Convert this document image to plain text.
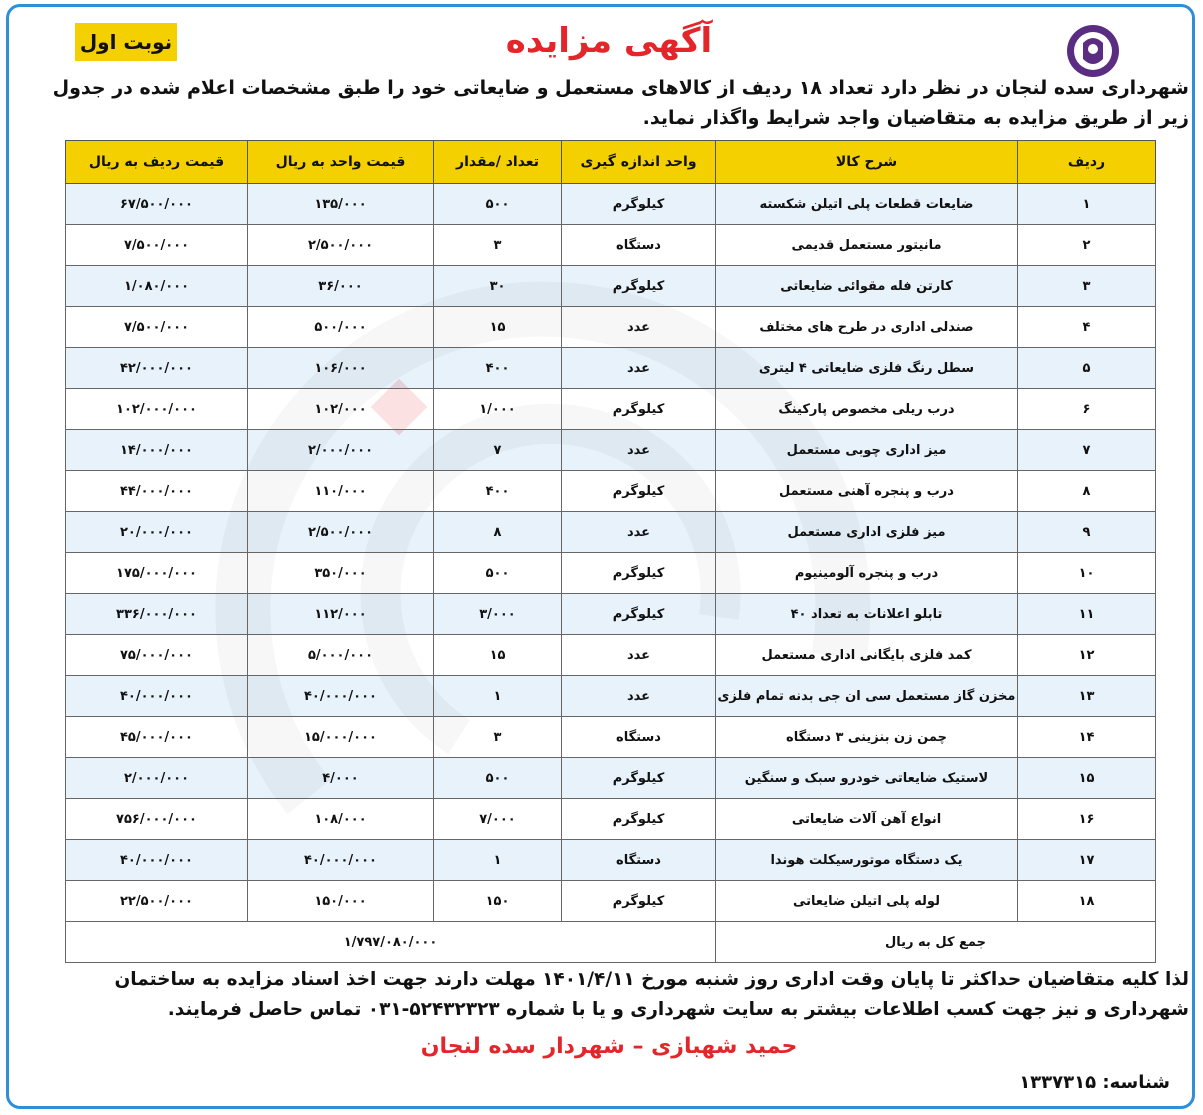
آگهی مزایده
نوبت اول
شهرداری سده لنجان در نظر دارد تعداد ۱۸ ردیف از کالاهای مستعمل و ضایعاتی خود را طبق مشخصات اعلام شده در جدول زیر از طریق مزایده به متقاضیان واجد شرایط واگذار نماید.
ردیف	شرح کالا	واحد اندازه گیری	تعداد /مقدار	قیمت واحد به ریال	قیمت ردیف به ریال
۱	ضایعات قطعات پلی اتیلن شکسته	کیلوگرم	۵۰۰	۱۳۵/۰۰۰	۶۷/۵۰۰/۰۰۰
۲	مانیتور مستعمل قدیمی	دستگاه	۳	۲/۵۰۰/۰۰۰	۷/۵۰۰/۰۰۰
۳	کارتن فله مقوائی ضایعاتی	کیلوگرم	۳۰	۳۶/۰۰۰	۱/۰۸۰/۰۰۰
۴	صندلی اداری در طرح های مختلف	عدد	۱۵	۵۰۰/۰۰۰	۷/۵۰۰/۰۰۰
۵	سطل رنگ فلزی ضایعاتی ۴ لیتری	عدد	۴۰۰	۱۰۶/۰۰۰	۴۲/۰۰۰/۰۰۰
۶	درب ریلی مخصوص پارکینگ	کیلوگرم	۱/۰۰۰	۱۰۲/۰۰۰	۱۰۲/۰۰۰/۰۰۰
۷	میز اداری چوبی مستعمل	عدد	۷	۲/۰۰۰/۰۰۰	۱۴/۰۰۰/۰۰۰
۸	درب و پنجره آهنی مستعمل	کیلوگرم	۴۰۰	۱۱۰/۰۰۰	۴۴/۰۰۰/۰۰۰
۹	میز فلزی اداری مستعمل	عدد	۸	۲/۵۰۰/۰۰۰	۲۰/۰۰۰/۰۰۰
۱۰	درب و پنجره آلومینیوم	کیلوگرم	۵۰۰	۳۵۰/۰۰۰	۱۷۵/۰۰۰/۰۰۰
۱۱	تابلو اعلانات به تعداد ۴۰	کیلوگرم	۳/۰۰۰	۱۱۲/۰۰۰	۳۳۶/۰۰۰/۰۰۰
۱۲	کمد فلزی بایگانی اداری مستعمل	عدد	۱۵	۵/۰۰۰/۰۰۰	۷۵/۰۰۰/۰۰۰
۱۳	مخزن گاز مستعمل سی ان جی بدنه تمام فلزی	عدد	۱	۴۰/۰۰۰/۰۰۰	۴۰/۰۰۰/۰۰۰
۱۴	چمن زن بنزینی ۳ دستگاه	دستگاه	۳	۱۵/۰۰۰/۰۰۰	۴۵/۰۰۰/۰۰۰
۱۵	لاستیک ضایعاتی خودرو سبک و سنگین	کیلوگرم	۵۰۰	۴/۰۰۰	۲/۰۰۰/۰۰۰
۱۶	انواع آهن آلات ضایعاتی	کیلوگرم	۷/۰۰۰	۱۰۸/۰۰۰	۷۵۶/۰۰۰/۰۰۰
۱۷	یک دستگاه موتورسیکلت هوندا	دستگاه	۱	۴۰/۰۰۰/۰۰۰	۴۰/۰۰۰/۰۰۰
۱۸	لوله پلی اتیلن ضایعاتی	کیلوگرم	۱۵۰	۱۵۰/۰۰۰	۲۲/۵۰۰/۰۰۰
جمع کل به ریال		۱/۷۹۷/۰۸۰/۰۰۰			
لذا کلیه متقاضیان حداکثر تا پایان وقت اداری روز شنبه مورخ ۱۴۰۱/۴/۱۱ مهلت دارند جهت اخذ اسناد مزایده به ساختمان شهرداری و نیز جهت کسب اطلاعات بیشتر به سایت شهرداری و یا با شماره ۵۲۴۳۲۳۲۳-۰۳۱ تماس حاصل فرمایند.
حمید شهبازی – شهردار سده لنجان
شناسه: ۱۳۳۷۳۱۵
